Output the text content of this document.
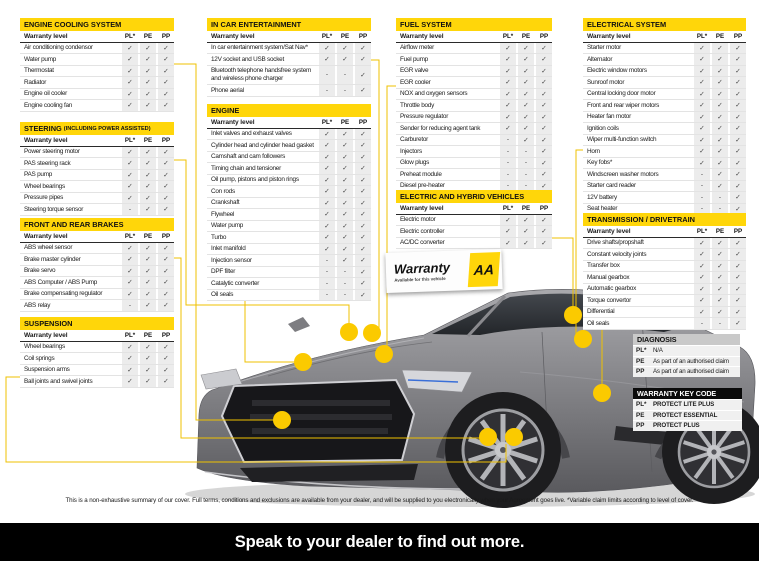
ENGINE COOLING SYSTEM
Warranty level	PL*	PE	PP
Air conditioning condensor	✓	✓	✓
Water pump	✓	✓	✓
Thermostat	✓	✓	✓
Radiator	✓	✓	✓
Engine oil cooler	✓	✓	✓
Engine cooling fan	✓	✓	✓
STEERING (INCLUDING POWER ASSISTED)
Warranty level	PL*	PE	PP
Power steering motor	✓	✓	✓
PAS steering rack	✓	✓	✓
PAS pump	✓	✓	✓
Wheel bearings	✓	✓	✓
Pressure pipes	✓	✓	✓
Steering torque sensor	-	✓	✓
FRONT AND REAR BRAKES
Warranty level	PL*	PE	PP
ABS wheel sensor	✓	✓	✓
Brake master cylinder	✓	✓	✓
Brake servo	✓	✓	✓
ABS Computer / ABS Pump	✓	✓	✓
Brake compensating regulator	✓	✓	✓
ABS relay	-	✓	✓
SUSPENSION
Warranty level	PL*	PE	PP
Wheel bearings	✓	✓	✓
Coil springs	✓	✓	✓
Suspension arms	✓	✓	✓
Ball joints and swivel joints	✓	✓	✓
IN CAR ENTERTAINMENT
Warranty level	PL*	PE	PP
In car entertainment system/Sat Nav*	✓	✓	✓
12V socket and USB socket	✓	✓	✓
Bluetooth telephone handsfree system and wireless phone charger
-	-	✓
Phone aerial	-	-	✓
ENGINE
Warranty level	PL*	PE	PP
Inlet valves and exhaust valves	✓	✓	✓
Cylinder head and cylinder head gasket	✓	✓	✓
Camshaft and cam followers	✓	✓	✓
Timing chain and tensioner	✓	✓	✓
Oil pump, pistons and piston rings	✓	✓	✓
Con rods	✓	✓	✓
Crankshaft	✓	✓	✓
Flywheel	✓	✓	✓
Water pump	✓	✓	✓
Turbo	✓	✓	✓
Inlet manifold	✓	✓	✓
Injection sensor	-	✓	✓
DPF filter	-	-	✓
Catalytic converter	-	-	✓
Oil seals	-	-	✓
FUEL SYSTEM
Warranty level	PL*	PE	PP
Airflow meter	✓	✓	✓
Fuel pump	✓	✓	✓
EGR valve	✓	✓	✓
EGR cooler	✓	✓	✓
NOX and oxygen sensors	✓	✓	✓
Throttle body	✓	✓	✓
Pressure regulator	✓	✓	✓
Sender for reducing agent tank	✓	✓	✓
Carburetor	-	✓	✓
Injectors	-	-	✓
Glow plugs	-	-	✓
Preheat module	-	-	✓
Diesel pre-heater	-	-	✓
ELECTRIC AND HYBRID VEHICLES
Warranty level	PL*	PE	PP
Electric motor	✓	✓	✓
Electric controller	✓	✓	✓
AC/DC converter	✓	✓	✓
ELECTRICAL SYSTEM
Warranty level	PL*	PE	PP
Starter motor	✓	✓	✓
Alternator	✓	✓	✓
Electric window motors	✓	✓	✓
Sunroof motor	✓	✓	✓
Central locking door motor	✓	✓	✓
Front and rear wiper motors	✓	✓	✓
Heater fan motor	✓	✓	✓
Ignition coils	✓	✓	✓
Wiper multi-function switch	✓	✓	✓
Horn	✓	✓	✓
Key fobs*	✓	✓	✓
Windscreen washer motors	-	✓	✓
Starter card reader	-	✓	✓
12V battery	-	-	✓
Seat heater	-	-	✓
TRANSMISSION / DRIVETRAIN
Warranty level	PL*	PE	PP
Drive shafts/propshaft	✓	✓	✓
Constant velocity joints	✓	✓	✓
Transfer box	✓	✓	✓
Manual gearbox	✓	✓	✓
Automatic gearbox	✓	✓	✓
Torque convertor	✓	✓	✓
Differential	✓	✓	✓
Oil seals	-	-	✓
DIAGNOSIS
PL*	N/A
PE	As part of an authorised claim
PP	As part of an authorised claim
WARRANTY KEY CODE
PL*	PROTECT LITE PLUS
PE	PROTECT ESSENTIAL
PP	PROTECT PLUS
Warranty
Available for this vehicle
AA
This is a non-exhaustive summary of our cover. Full terms, conditions and exclusions are available from your dealer, and will be supplied to you electronically when your Agreement goes live. *Variable claim limits according to level of cover.
Speak to your dealer to find out more.
